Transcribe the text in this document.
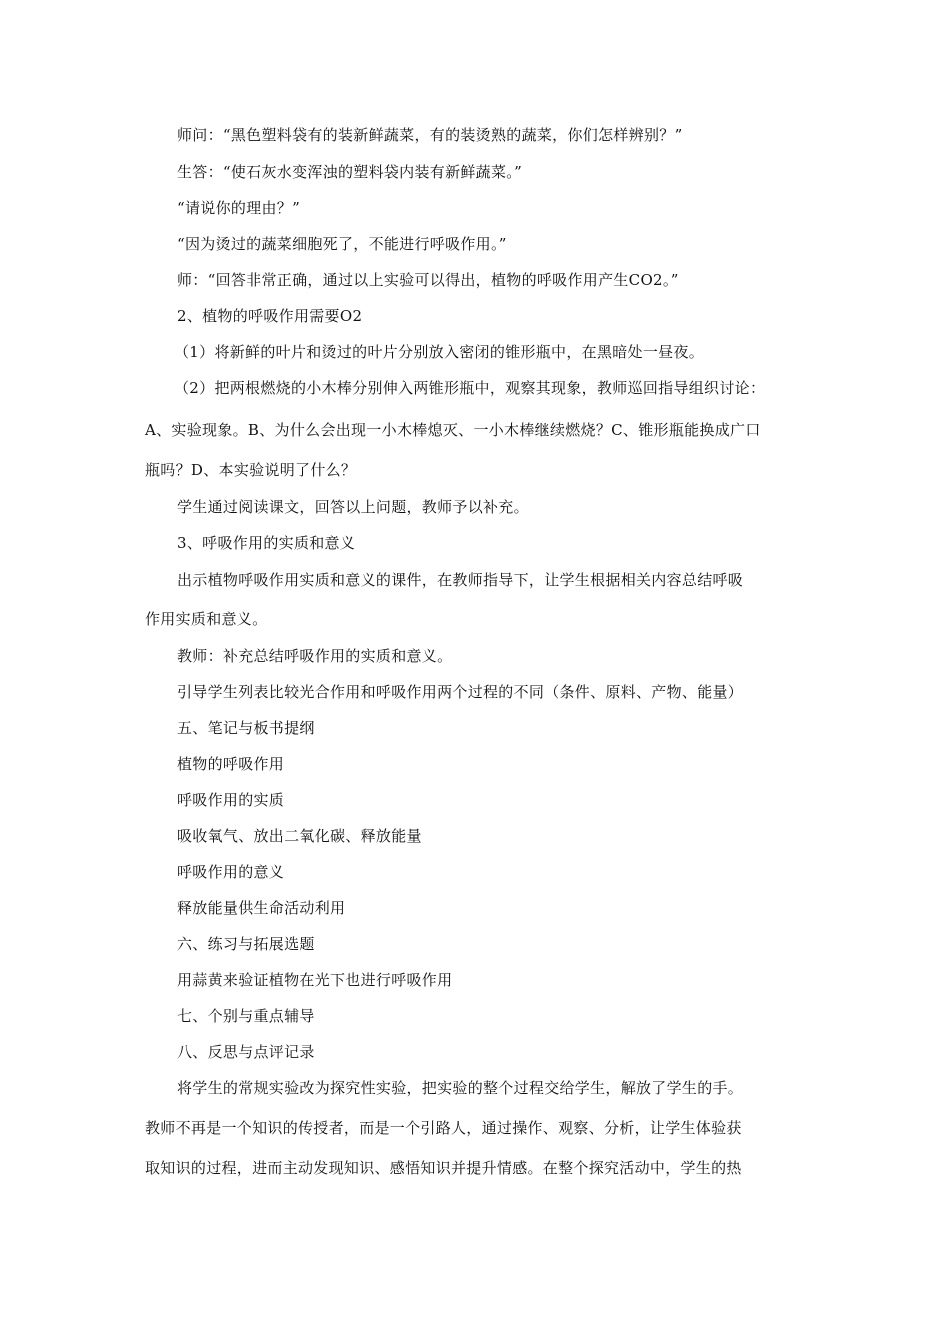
师问：“黑色塑料袋有的装新鲜蔬菜，有的装烫熟的蔬菜，你们怎样辨别？”
生答：“使石灰水变浑浊的塑料袋内装有新鲜蔬菜。”
“请说你的理由？”
“因为烫过的蔬菜细胞死了，不能进行呼吸作用。”
师：“回答非常正确，通过以上实验可以得出，植物的呼吸作用产生CO2。”
2、植物的呼吸作用需要O2
（1）将新鲜的叶片和烫过的叶片分别放入密闭的锥形瓶中，在黑暗处一昼夜。
（2）把两根燃烧的小木棒分别伸入两锥形瓶中，观察其现象，教师巡回指导组织讨论：
A、实验现象。B、为什么会出现一小木棒熄灭、一小木棒继续燃烧？C、锥形瓶能换成广口
瓶吗？D、本实验说明了什么？
学生通过阅读课文，回答以上问题，教师予以补充。
3、呼吸作用的实质和意义
出示植物呼吸作用实质和意义的课件，在教师指导下，让学生根据相关内容总结呼吸
作用实质和意义。
教师：补充总结呼吸作用的实质和意义。
引导学生列表比较光合作用和呼吸作用两个过程的不同（条件、原料、产物、能量）
五、笔记与板书提纲
植物的呼吸作用
呼吸作用的实质
吸收氧气、放出二氧化碳、释放能量
呼吸作用的意义
释放能量供生命活动利用
六、练习与拓展选题
用蒜黄来验证植物在光下也进行呼吸作用
七、个别与重点辅导
八、反思与点评记录
将学生的常规实验改为探究性实验，把实验的整个过程交给学生，解放了学生的手。
教师不再是一个知识的传授者，而是一个引路人，通过操作、观察、分析，让学生体验获
取知识的过程，进而主动发现知识、感悟知识并提升情感。在整个探究活动中，学生的热
